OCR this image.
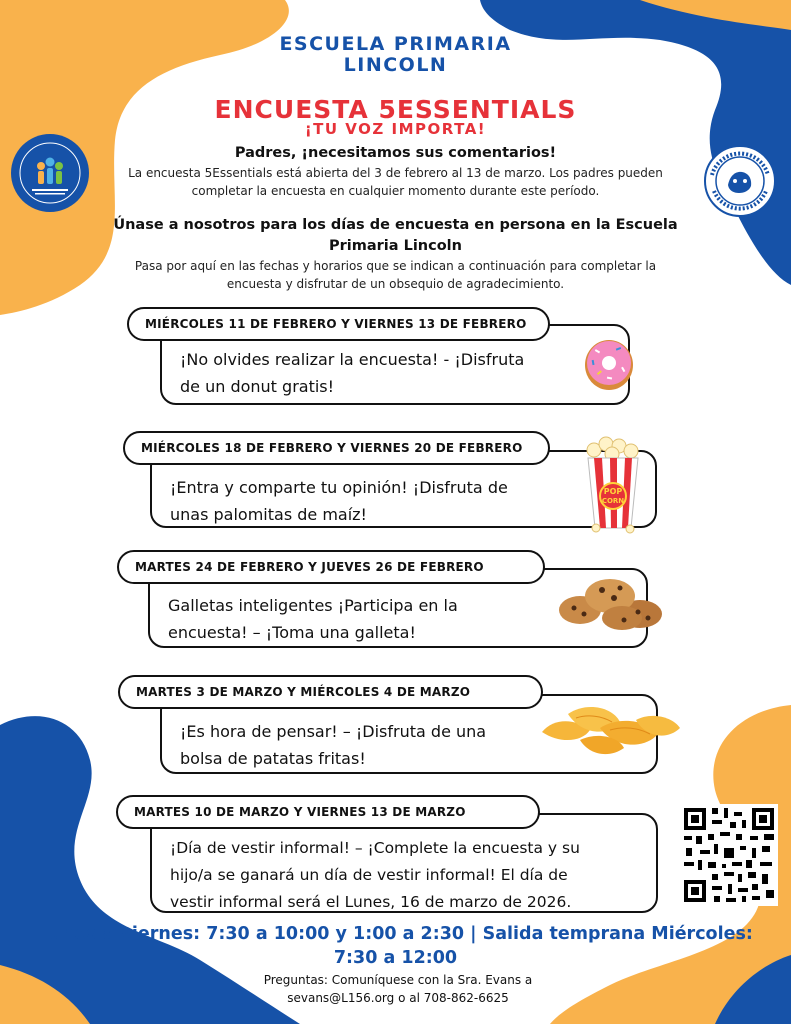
ESCUELA PRIMARIA
LINCOLN
ENCUESTA 5ESSENTIALS
¡TU VOZ IMPORTA!
Padres, ¡necesitamos sus comentarios!
La encuesta 5Essentials está abierta del 3 de febrero al 13 de marzo. Los padres pueden
completar la encuesta en cualquier momento durante este período.
Únase a nosotros para los días de encuesta en persona en la Escuela
Primaria Lincoln
Pasa por aquí en las fechas y horarios que se indican a continuación para completar la
encuesta y disfrutar de un obsequio de agradecimiento.
MIÉRCOLES 11 DE FEBRERO Y VIERNES 13 DE FEBRERO
¡No olvides realizar la encuesta! - ¡Disfruta
de un donut gratis!
MIÉRCOLES 18 DE FEBRERO Y VIERNES 20 DE FEBRERO
¡Entra y comparte tu opinión! ¡Disfruta de
unas palomitas de maíz!
POP
CORN
MARTES 24 DE FEBRERO Y JUEVES 26 DE FEBRERO
Galletas inteligentes ¡Participa en la
encuesta! – ¡Toma una galleta!
MARTES 3 DE MARZO Y MIÉRCOLES 4 DE MARZO
¡Es hora de pensar! – ¡Disfruta de una
bolsa de patatas fritas!
MARTES 10 DE MARZO Y VIERNES 13 DE MARZO
¡Día de vestir informal! – ¡Complete la encuesta y su
hijo/a se ganará un día de vestir informal! El día de
vestir informal será el Lunes, 16 de marzo de 2026.
Lunes a viernes: 7:30 a 10:00 y 1:00 a 2:30 | Salida temprana Miércoles:
7:30 a 12:00
Preguntas: Comuníquese con la Sra. Evans a
sevans@L156.org o al 708-862-6625
